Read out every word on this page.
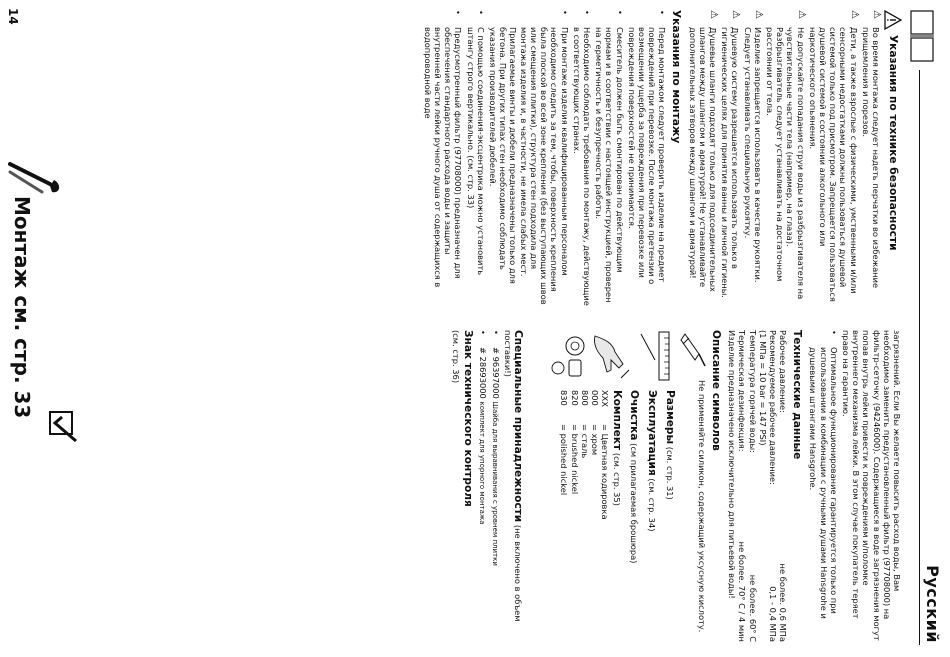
Русский
Указания по технике безопасности
⚠
Во время монтажа следует надеть перчатки во избежание прищемления и порезов.
⚠
Дети, а также взрослые с физическими, умственными и/или сенсорными недостатками должны пользоваться душевой системой только под присмотром. Запрещается пользоваться душевой системой в состоянии алкогольного или наркотического опьянения.
⚠
Не допускайте попадания струи воды из разбрызгивателя на чувствительные части тела (например, на глаза). Разбрызгиватель следует устанавливать на достаточном расстоянии от тела.
⚠
Изделие запрещается использовать в качестве рукоятки. Следует устанавливать специальную рукоятку.
⚠
Душевую систему разрешается использовать только в гигиенических целях для принятия ванны и личной гигиены.
⚠
Душевые шланги подходят только для подсоединительных шлангов между шлангом и арматурой! Не устанавливайте дополнительных затворов между шлангом и арматурой!
Указания по монтажу
•
Перед монтажом следует проверить изделие на предмет повреждений при перевозке. После монтажа претензии о возмещении ущерба за повреждения при перевозке или повреждения поверхностей не принимаются.
•
Смеситель должен быть смонтирован по действующим нормам и в соответствии с настоящей инструкцией, проверен на герметичность и безупречность работы.
•
Необходимо соблюдать требования по монтажу, действующие в соответствующих странах.
•
При монтаже изделия квалифицированным персоналом необходимо следить за тем, чтобы, поверхность крепления была плоской во всей зоне крепления (без выступающих швов или смещения плитки), структура стен подходила для монтажа изделия и, в частности, не имела слабых мест. Прилагаемые винты и дюбели предназначены только для бетона. При других типах стен необходимо соблюдать указания производителей дюбелей.
•
С помощью соединения-эксцентрика можно установить штангу строго вертикально. (см. стр. 33)
•
Предусмотренный фильтр (97708000) предназначен для обеспечения стандартного расхода воды и защиты внутренней части лейки ручного душа от содержащихся в водопроводной воде

загрязнений. Если Вы желаете повысить расход воды, Вам необходимо заменить предустановленный фильтр (97708000) на фильтр-сеточку (94246000). Содержащиеся в воде загрязнения могут попав внутрь лейки привести к повреждениям и/поломке внутреннего механизма лейки. В этом случае покупатель теряет право на гарантию.

•
Оптимальное функционирование гарантируется только при использовании в комбинации с ручными душами Hansgrohe и душевыми штангами Hansgrohe.
Технические данные
Рабочее давление:
не более. 0,6 МПа
Рекомендуемое рабочее давление:
0,1 - 0,4 МПа
(1 МПа = 10 bar = 147 PSI)
Температура горячей воды:
не более. 60° C
Термическая дезинфекция:
не более. 70° C / 4 мин

Изделие предназначено исключительно для питьевой воды!

Описание символов
Не применяйте силикон, содержащий уксусную кислоту.

Размеры (см. стр. 31)

Эксплуатация (см. стр. 34)

Очистка (см прилагаемая брошюра)

Комплект (см. стр. 35)

XXX
= Цветная кодировка
000
= хром
800
= сталь
820
= brushed nickel
830
= polished nickel

Специальные принадлежности (не включено в объем поставки!)

•
# 96397000 Шайба для выравнивания с уровнем плитки
•
# 28693000 комплект для упорного монтажа

Знак технического контроля

(см. стр. 36)

14
Монтаж см. стр. 33
